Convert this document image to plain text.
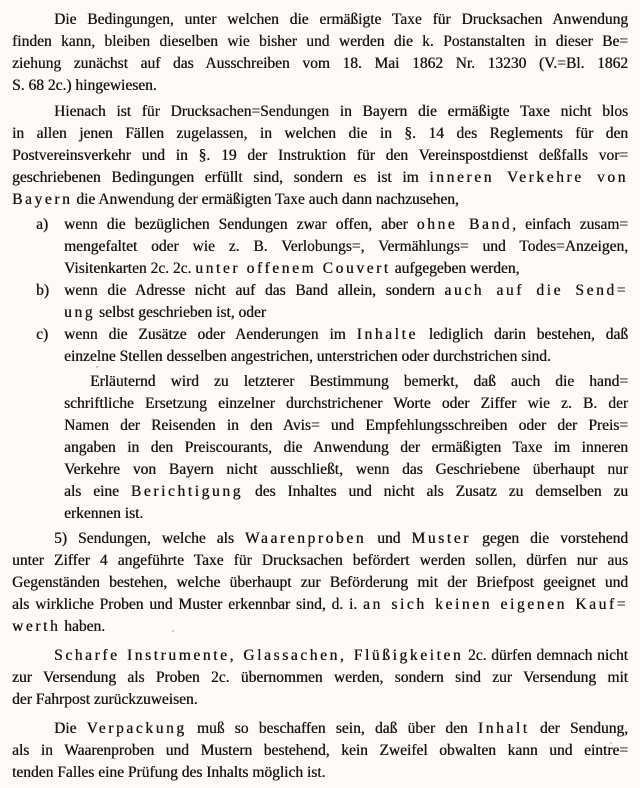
Die Bedingungen, unter welchen die ermäßigte Taxe für Drucksachen Anwendung
finden kann, bleiben dieselben wie bisher und werden die k. Postanstalten in dieser Be=
ziehung zunächst auf das Ausschreiben vom 18. Mai 1862 Nr. 13230 (V.=Bl. 1862
S. 68 2c.) hingewiesen.
Hienach ist für Drucksachen=Sendungen in Bayern die ermäßigte Taxe nicht blos
in allen jenen Fällen zugelassen, in welchen die in §. 14 des Reglements für den
Postvereinsverkehr und in §. 19 der Instruktion für den Vereinspostdienst deßfalls vor=
geschriebenen Bedingungen erfüllt sind, sondern es ist im inneren Verkehre von
Bayern die Anwendung der ermäßigten Taxe auch dann nachzusehen,
a) wenn die bezüglichen Sendungen zwar offen, aber ohne Band, einfach zusam=
mengefaltet oder wie z. B. Verlobungs=, Vermählungs= und Todes=Anzeigen,
Visitenkarten 2c. 2c. unter offenem Couvert aufgegeben werden,
b) wenn die Adresse nicht auf das Band allein, sondern auch auf die Send=
ung selbst geschrieben ist, oder
c) wenn die Zusätze oder Aenderungen im Inhalte lediglich darin bestehen, daß
einzelne Stellen desselben angestrichen, unterstrichen oder durchstrichen sind.
Erläuternd wird zu letzterer Bestimmung bemerkt, daß auch die hand=
schriftliche Ersetzung einzelner durchstrichener Worte oder Ziffer wie z. B. der
Namen der Reisenden in den Avis= und Empfehlungsschreiben oder der Preis=
angaben in den Preiscourants, die Anwendung der ermäßigten Taxe im inneren
Verkehre von Bayern nicht ausschließt, wenn das Geschriebene überhaupt nur
als eine Berichtigung des Inhaltes und nicht als Zusatz zu demselben zu
erkennen ist.
5) Sendungen, welche als Waarenproben und Muster gegen die vorstehend
unter Ziffer 4 angeführte Taxe für Drucksachen befördert werden sollen, dürfen nur aus
Gegenständen bestehen, welche überhaupt zur Beförderung mit der Briefpost geeignet und
als wirkliche Proben und Muster erkennbar sind, d. i. an sich keinen eigenen Kauf=
werth haben.
Scharfe Instrumente, Glassachen, Flüßigkeiten 2c. dürfen demnach nicht
zur Versendung als Proben 2c. übernommen werden, sondern sind zur Versendung mit
der Fahrpost zurückzuweisen.
Die Verpackung muß so beschaffen sein, daß über den Inhalt der Sendung,
als in Waarenproben und Mustern bestehend, kein Zweifel obwalten kann und eintre=
tenden Falles eine Prüfung des Inhalts möglich ist.
